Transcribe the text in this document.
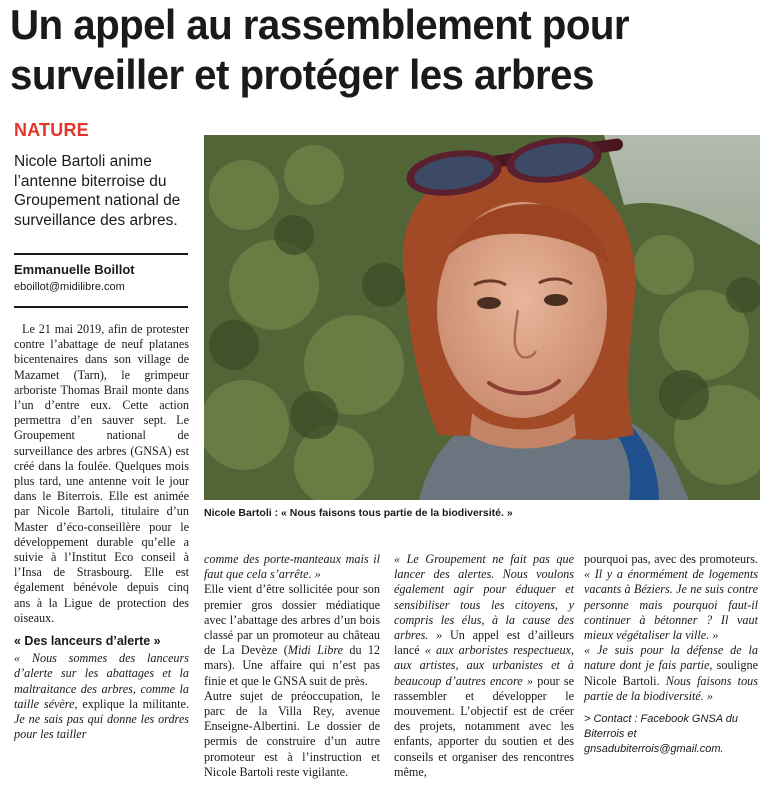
Un appel au rassemblement pour
surveiller et protéger les arbres
NATURE
Nicole Bartoli anime l’antenne biterroise du Groupement national de surveillance des arbres.
Emmanuelle Boillot
eboillot@midilibre.com

Le 21 mai 2019, afin de protester contre l’abattage de neuf platanes bicentenaires dans son village de Mazamet (Tarn), le grimpeur arboriste Thomas Brail monte dans l’un d’entre eux. Cette action permettra d’en sauver sept. Le Groupement national de surveillance des arbres (GNSA) est créé dans la foulée. Quelques mois plus tard, une antenne voit le jour dans le Biterrois. Elle est animée par Nicole Bartoli, titulaire d’un Master d’éco-conseillère pour le développement durable qu’elle a suivie à l’Institut Eco conseil à l’Insa de Strasbourg. Elle est également bénévole depuis cinq ans à la Ligue de protection des oiseaux.

« Des lanceurs d’alerte »

« Nous sommes des lanceurs d’alerte sur les abattages et la maltraitance des arbres, comme la taille sévère, explique la militante. Je ne sais pas qui donne les ordres pour les tailler

Nicole Bartoli : « Nous faisons tous partie de la biodiversité. »

comme des porte-manteaux mais il faut que cela s’arrête. »

Elle vient d’être sollicitée pour son premier gros dossier médiatique avec l’abattage des arbres d’un bois classé par un promoteur au château de La Devèze (Midi Libre du 12 mars). Une affaire qui n’est pas finie et que le GNSA suit de près.

Autre sujet de préoccupation, le parc de la Villa Rey, avenue Enseigne-Albertini. Le dossier de permis de construire d’un autre promoteur est à l’instruction et Nicole Bartoli reste vigilante.

« Le Groupement ne fait pas que lancer des alertes. Nous voulons également agir pour éduquer et sensibiliser tous les citoyens, y compris les élus, à la cause des arbres. » Un appel est d’ailleurs lancé « aux arboristes respectueux, aux artistes, aux urbanistes et à beaucoup d’autres encore » pour se rassembler et développer le mouvement. L’objectif est de créer des projets, notamment avec les enfants, apporter du soutien et des conseils et organiser des rencontres même,

pourquoi pas, avec des promoteurs. « Il y a énormément de logements vacants à Béziers. Je ne suis contre personne mais pourquoi faut-il continuer à bétonner ? Il vaut mieux végétaliser la ville. »

« Je suis pour la défense de la nature dont je fais partie, souligne Nicole Bartoli. Nous faisons tous partie de la biodiversité. »

> Contact : Facebook GNSA du Biterrois et
gnsadubiterrois@gmail.com.
